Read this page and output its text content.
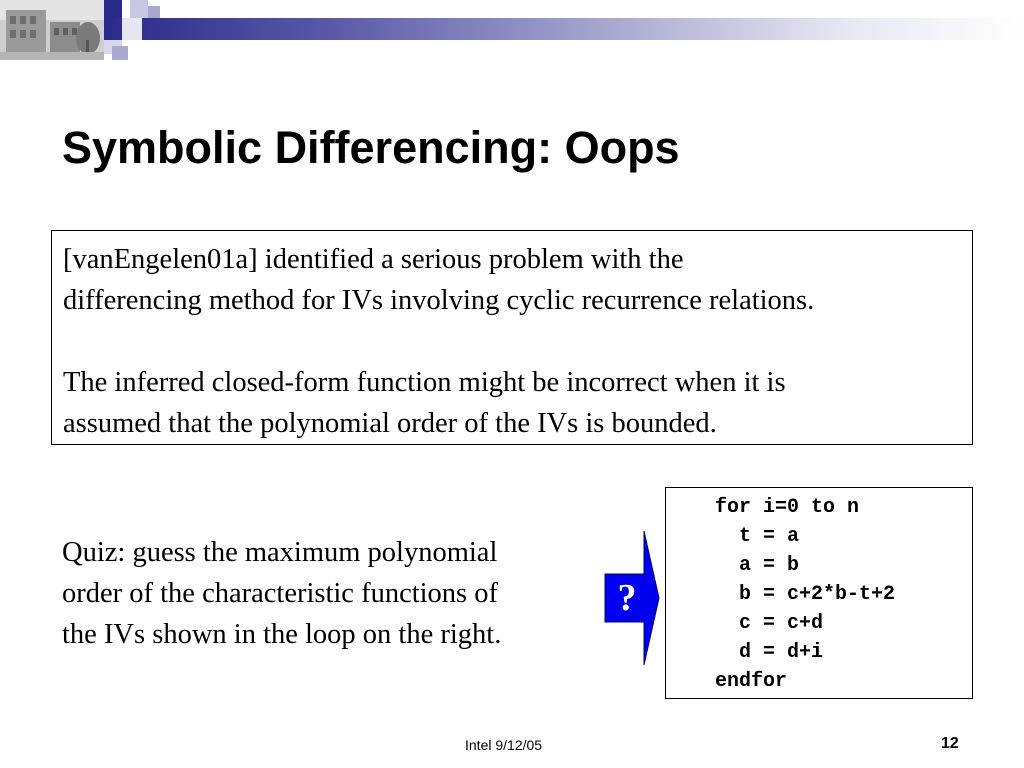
Symbolic Differencing: Oops

[vanEngelen01a] identified a serious problem with the
differencing method for IVs involving cyclic recurrence relations.

The inferred closed-form function might be incorrect when it is
assumed that the polynomial order of the IVs is bounded.

Quiz: guess the maximum polynomial
order of the characteristic functions of
the IVs shown in the loop on the right.
?
for i=0 to n
t = a
a = b
b = c+2*b-t+2
c = c+d
d = d+i
endfor
Intel 9/12/05	12
